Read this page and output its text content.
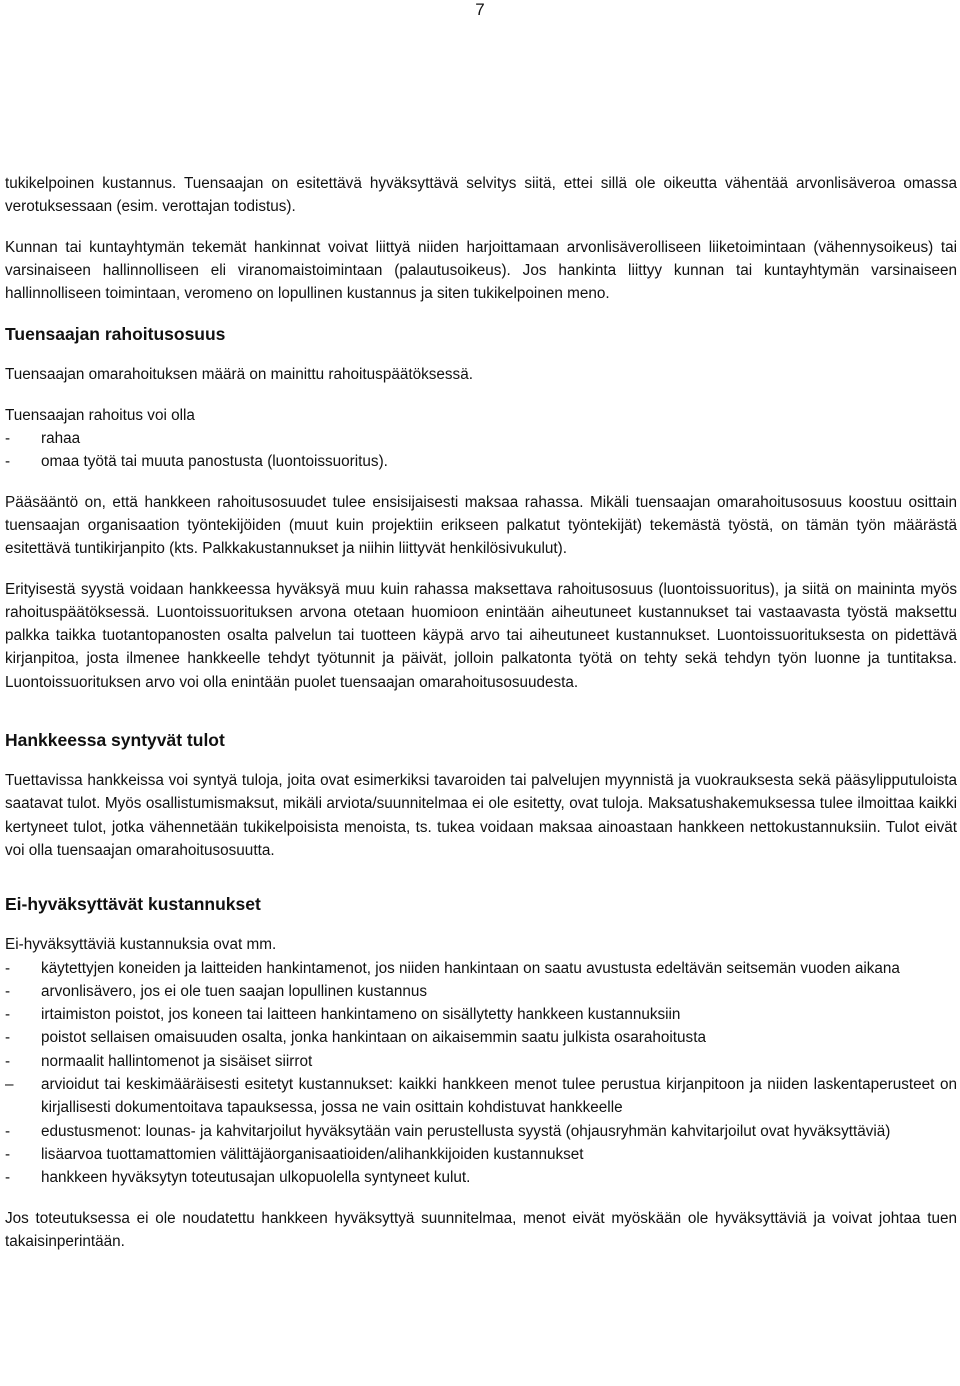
7

tukikelpoinen kustannus. Tuensaajan on esitettävä hyväksyttävä selvitys siitä, ettei sillä ole oikeutta vähentää arvonlisäveroa omassa verotuksessaan (esim. verottajan todistus).

Kunnan tai kuntayhtymän tekemät hankinnat voivat liittyä niiden harjoittamaan arvonlisäverolliseen liiketoimintaan (vähennysoikeus) tai varsinaiseen hallinnolliseen eli viranomaistoimintaan (palautusoikeus). Jos hankinta liittyy kunnan tai kuntayhtymän varsinaiseen hallinnolliseen toimintaan, veromeno on lopullinen kustannus ja siten tukikelpoinen meno.

Tuensaajan rahoitusosuus

Tuensaajan omarahoituksen määrä on mainittu rahoituspäätöksessä.

Tuensaajan rahoitus voi olla

- rahaa
- omaa työtä tai muuta panostusta (luontoissuoritus).

Pääsääntö on, että hankkeen rahoitusosuudet tulee ensisijaisesti maksaa rahassa. Mikäli tuensaajan omarahoitusosuus koostuu osittain tuensaajan organisaation työntekijöiden (muut kuin projektiin erikseen palkatut työntekijät) tekemästä työstä, on tämän työn määrästä esitettävä tuntikirjanpito (kts. Palkkakustannukset ja niihin liittyvät henkilösivukulut).

Erityisestä syystä voidaan hankkeessa hyväksyä muu kuin rahassa maksettava rahoitusosuus (luontoissuoritus), ja siitä on maininta myös rahoituspäätöksessä. Luontoissuorituksen arvona otetaan huomioon enintään aiheutuneet kustannukset tai vastaavasta työstä maksettu palkka taikka tuotantopanosten osalta palvelun tai tuotteen käypä arvo tai aiheutuneet kustannukset. Luontoissuorituksesta on pidettävä kirjanpitoa, josta ilmenee hankkeelle tehdyt työtunnit ja päivät, jolloin palkatonta työtä on tehty sekä tehdyn työn luonne ja tuntitaksa. Luontoissuorituksen arvo voi olla enintään puolet tuensaajan omarahoitusosuudesta.

Hankkeessa syntyvät tulot

Tuettavissa hankkeissa voi syntyä tuloja, joita ovat esimerkiksi tavaroiden tai palvelujen myynnistä ja vuokrauksesta sekä pääsylipputuloista saatavat tulot. Myös osallistumismaksut, mikäli arviota/suunnitelmaa ei ole esitetty, ovat tuloja. Maksatushakemuksessa tulee ilmoittaa kaikki kertyneet tulot, jotka vähennetään tukikelpoisista menoista, ts. tukea voidaan maksaa ainoastaan hankkeen nettokustannuksiin. Tulot eivät voi olla tuensaajan omarahoitusosuutta.

Ei-hyväksyttävät kustannukset

Ei-hyväksyttäviä kustannuksia ovat mm.

- käytettyjen koneiden ja laitteiden hankintamenot, jos niiden hankintaan on saatu avustusta edeltävän seitsemän vuoden aikana
- arvonlisävero, jos ei ole tuen saajan lopullinen kustannus
- irtaimiston poistot, jos koneen tai laitteen hankintameno on sisällytetty hankkeen kustannuksiin
- poistot sellaisen omaisuuden osalta, jonka hankintaan on aikaisemmin saatu julkista osarahoitusta
- normaalit hallintomenot ja sisäiset siirrot
– arvioidut tai keskimääräisesti esitetyt kustannukset: kaikki hankkeen menot tulee perustua kirjanpitoon ja niiden laskentaperusteet on kirjallisesti dokumentoitava tapauksessa, jossa ne vain osittain kohdistuvat hankkeelle
- edustusmenot: lounas- ja kahvitarjoilut hyväksytään vain perustellusta syystä (ohjausryhmän kahvitarjoilut ovat hyväksyttäviä)
- lisäarvoa tuottamattomien välittäjäorganisaatioiden/alihankkijoiden kustannukset
- hankkeen hyväksytyn toteutusajan ulkopuolella syntyneet kulut.

Jos toteutuksessa ei ole noudatettu hankkeen hyväksyttyä suunnitelmaa, menot eivät myöskään ole hyväksyttäviä ja voivat johtaa tuen takaisinperintään.
